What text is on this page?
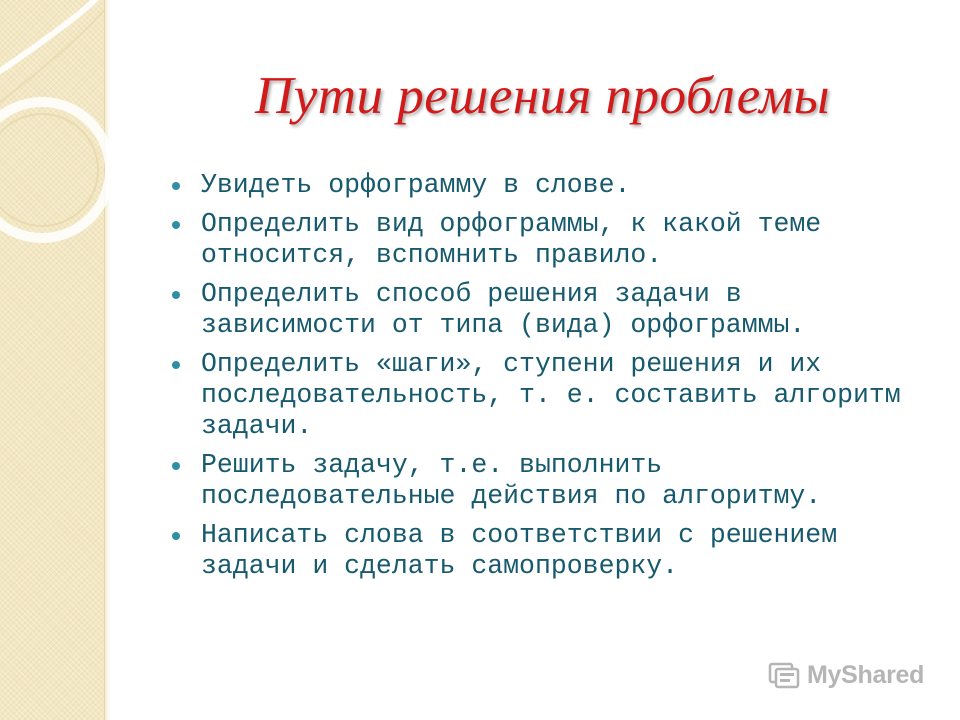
Пути решения проблемы
Увидеть орфограмму в слове.
Определить вид орфограммы, к какой теме относится, вспомнить правило.
Определить способ решения задачи в зависимости от типа (вида) орфограммы.
Определить «шаги», ступени решения и их последовательность, т. е. составить алгоритм задачи.
Решить задачу, т.е. выполнить последовательные действия по алгоритму.
Написать слова в соответствии с решением задачи и сделать самопроверку.
MyShared
